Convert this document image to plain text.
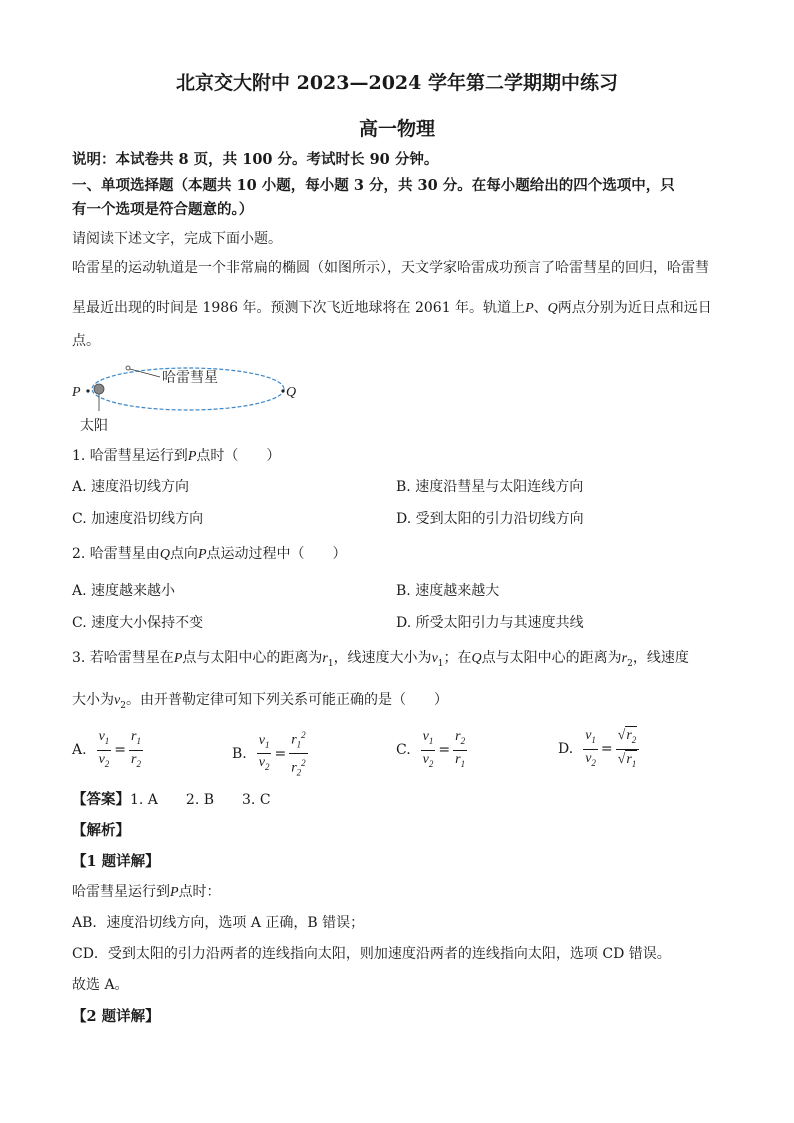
北京交大附中 2023—2024 学年第二学期期中练习
高一物理
说明：本试卷共 8 页，共 100 分。考试时长 90 分钟。
一、单项选择题（本题共 10 小题，每小题 3 分，共 30 分。在每小题给出的四个选项中，只
有一个选项是符合题意的。）
请阅读下述文字，完成下面小题。
哈雷星的运动轨道是一个非常扁的椭圆（如图所示），天文学家哈雷成功预言了哈雷彗星的回归，哈雷彗
星最近出现的时间是 1986 年。预测下次飞近地球将在 2061 年。轨道上P、Q两点分别为近日点和远日
点。
P	Q
哈雷彗星
太阳
1. 哈雷彗星运行到P点时（　　）
A. 速度沿切线方向	B. 速度沿彗星与太阳连线方向
C. 加速度沿切线方向	D. 受到太阳的引力沿切线方向
2. 哈雷彗星由Q点向P点运动过程中（　　）
A. 速度越来越小	B. 速度越来越大
C. 速度大小保持不变	D. 所受太阳引力与其速度共线
3. 若哈雷彗星在P点与太阳中心的距离为$r_1$，线速度大小为$v_1$；在Q点与太阳中心的距离为$r_2$，线速度
大小为$v_2$。由开普勒定律可知下列关系可能正确的是（　　）
A. $\frac{v_1}{v_2} = \frac{r_1}{r_2}$	B. $\frac{v_1}{v_2} = \frac{r_1^2}{r_2^2}$	C. $\frac{v_1}{v_2} = \frac{r_2}{r_1}$	D. $\frac{v_1}{v_2} = \frac{√r_2}{√r_1}$
【答案】1. A　　2. B　　3. C
【解析】
【1 题详解】
哈雷彗星运行到P点时：
AB．速度沿切线方向，选项 A 正确，B 错误；
CD．受到太阳的引力沿两者的连线指向太阳，则加速度沿两者的连线指向太阳，选项 CD 错误。
故选 A。
【2 题详解】
